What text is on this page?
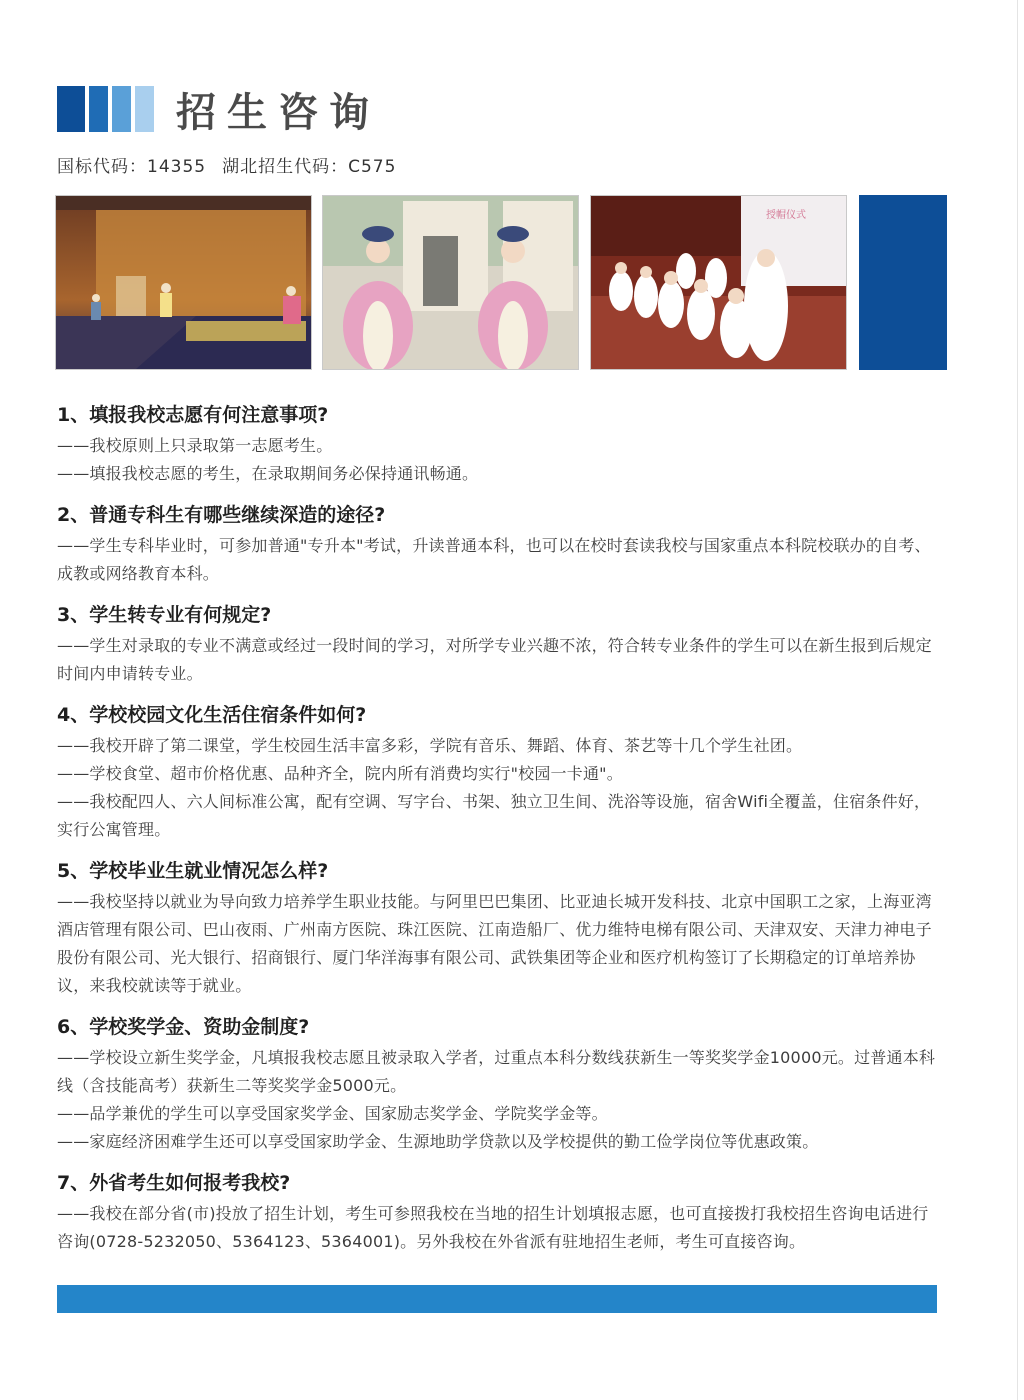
招生咨询
国标代码：14355 湖北招生代码：C575
授帽仪式
1、填报我校志愿有何注意事项?

——我校原则上只录取第一志愿考生。

——填报我校志愿的考生，在录取期间务必保持通讯畅通。

2、普通专科生有哪些继续深造的途径?

——学生专科毕业时，可参加普通"专升本"考试，升读普通本科，也可以在校时套读我校与国家重点本科院校联办的自考、成教或网络教育本科。

3、学生转专业有何规定?

——学生对录取的专业不满意或经过一段时间的学习，对所学专业兴趣不浓，符合转专业条件的学生可以在新生报到后规定时间内申请转专业。

4、学校校园文化生活住宿条件如何?

——我校开辟了第二课堂，学生校园生活丰富多彩，学院有音乐、舞蹈、体育、茶艺等十几个学生社团。

——学校食堂、超市价格优惠、品种齐全，院内所有消费均实行"校园一卡通"。

——我校配四人、六人间标准公寓，配有空调、写字台、书架、独立卫生间、洗浴等设施，宿舍Wifi全覆盖，住宿条件好，实行公寓管理。

5、学校毕业生就业情况怎么样?

——我校坚持以就业为导向致力培养学生职业技能。与阿里巴巴集团、比亚迪长城开发科技、北京中国职工之家，上海亚湾酒店管理有限公司、巴山夜雨、广州南方医院、珠江医院、江南造船厂、优力维特电梯有限公司、天津双安、天津力神电子股份有限公司、光大银行、招商银行、厦门华洋海事有限公司、武铁集团等企业和医疗机构签订了长期稳定的订单培养协议，来我校就读等于就业。

6、学校奖学金、资助金制度?

——学校设立新生奖学金，凡填报我校志愿且被录取入学者，过重点本科分数线获新生一等奖奖学金10000元。过普通本科线（含技能高考）获新生二等奖奖学金5000元。

——品学兼优的学生可以享受国家奖学金、国家励志奖学金、学院奖学金等。

——家庭经济困难学生还可以享受国家助学金、生源地助学贷款以及学校提供的勤工俭学岗位等优惠政策。

7、外省考生如何报考我校?

——我校在部分省(市)投放了招生计划，考生可参照我校在当地的招生计划填报志愿，也可直接拨打我校招生咨询电话进行咨询(0728-5232050、5364123、5364001)。另外我校在外省派有驻地招生老师，考生可直接咨询。
